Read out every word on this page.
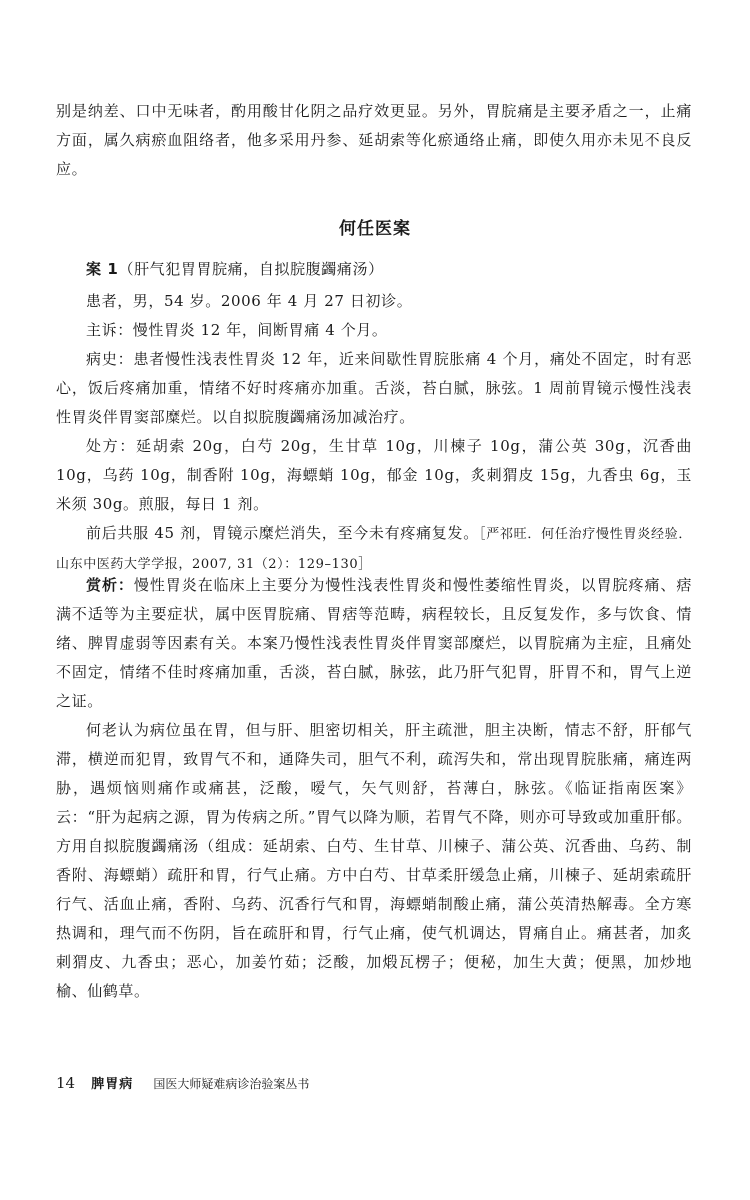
别是纳差、口中无味者，酌用酸甘化阴之品疗效更显。另外，胃脘痛是主要矛盾之一，止痛方面，属久病瘀血阻络者，他多采用丹参、延胡索等化瘀通络止痛，即使久用亦未见不良反应。

何任医案

案 1（肝气犯胃胃脘痛，自拟脘腹蠲痛汤）

患者，男，54 岁。2006 年 4 月 27 日初诊。

主诉：慢性胃炎 12 年，间断胃痛 4 个月。

病史：患者慢性浅表性胃炎 12 年，近来间歇性胃脘胀痛 4 个月，痛处不固定，时有恶心，饭后疼痛加重，情绪不好时疼痛亦加重。舌淡，苔白腻，脉弦。1 周前胃镜示慢性浅表性胃炎伴胃窦部糜烂。以自拟脘腹蠲痛汤加减治疗。

处方：延胡索 20g，白芍 20g，生甘草 10g，川楝子 10g，蒲公英 30g，沉香曲 10g，乌药 10g，制香附 10g，海螵蛸 10g，郁金 10g，炙刺猬皮 15g，九香虫 6g，玉米须 30g。煎服，每日 1 剂。

前后共服 45 剂，胃镜示糜烂消失，至今未有疼痛复发。［严祁旺．何任治疗慢性胃炎经验．山东中医药大学学报，2007, 31（2）：129–130］

赏析：慢性胃炎在临床上主要分为慢性浅表性胃炎和慢性萎缩性胃炎，以胃脘疼痛、痞满不适等为主要症状，属中医胃脘痛、胃痞等范畴，病程较长，且反复发作，多与饮食、情绪、脾胃虚弱等因素有关。本案乃慢性浅表性胃炎伴胃窦部糜烂，以胃脘痛为主症，且痛处不固定，情绪不佳时疼痛加重，舌淡，苔白腻，脉弦，此乃肝气犯胃，肝胃不和，胃气上逆之证。

何老认为病位虽在胃，但与肝、胆密切相关，肝主疏泄，胆主决断，情志不舒，肝郁气滞，横逆而犯胃，致胃气不和，通降失司，胆气不利，疏泻失和，常出现胃脘胀痛，痛连两胁，遇烦恼则痛作或痛甚，泛酸，嗳气，矢气则舒，苔薄白，脉弦。《临证指南医案》云：“肝为起病之源，胃为传病之所。”胃气以降为顺，若胃气不降，则亦可导致或加重肝郁。方用自拟脘腹蠲痛汤（组成：延胡索、白芍、生甘草、川楝子、蒲公英、沉香曲、乌药、制香附、海螵蛸）疏肝和胃，行气止痛。方中白芍、甘草柔肝缓急止痛，川楝子、延胡索疏肝行气、活血止痛，香附、乌药、沉香行气和胃，海螵蛸制酸止痛，蒲公英清热解毒。全方寒热调和，理气而不伤阴，旨在疏肝和胃，行气止痛，使气机调达，胃痛自止。痛甚者，加炙刺猬皮、九香虫；恶心，加姜竹茹；泛酸，加煅瓦楞子；便秘，加生大黄；便黑，加炒地榆、仙鹤草。

14 脾胃病 国医大师疑难病诊治验案丛书
